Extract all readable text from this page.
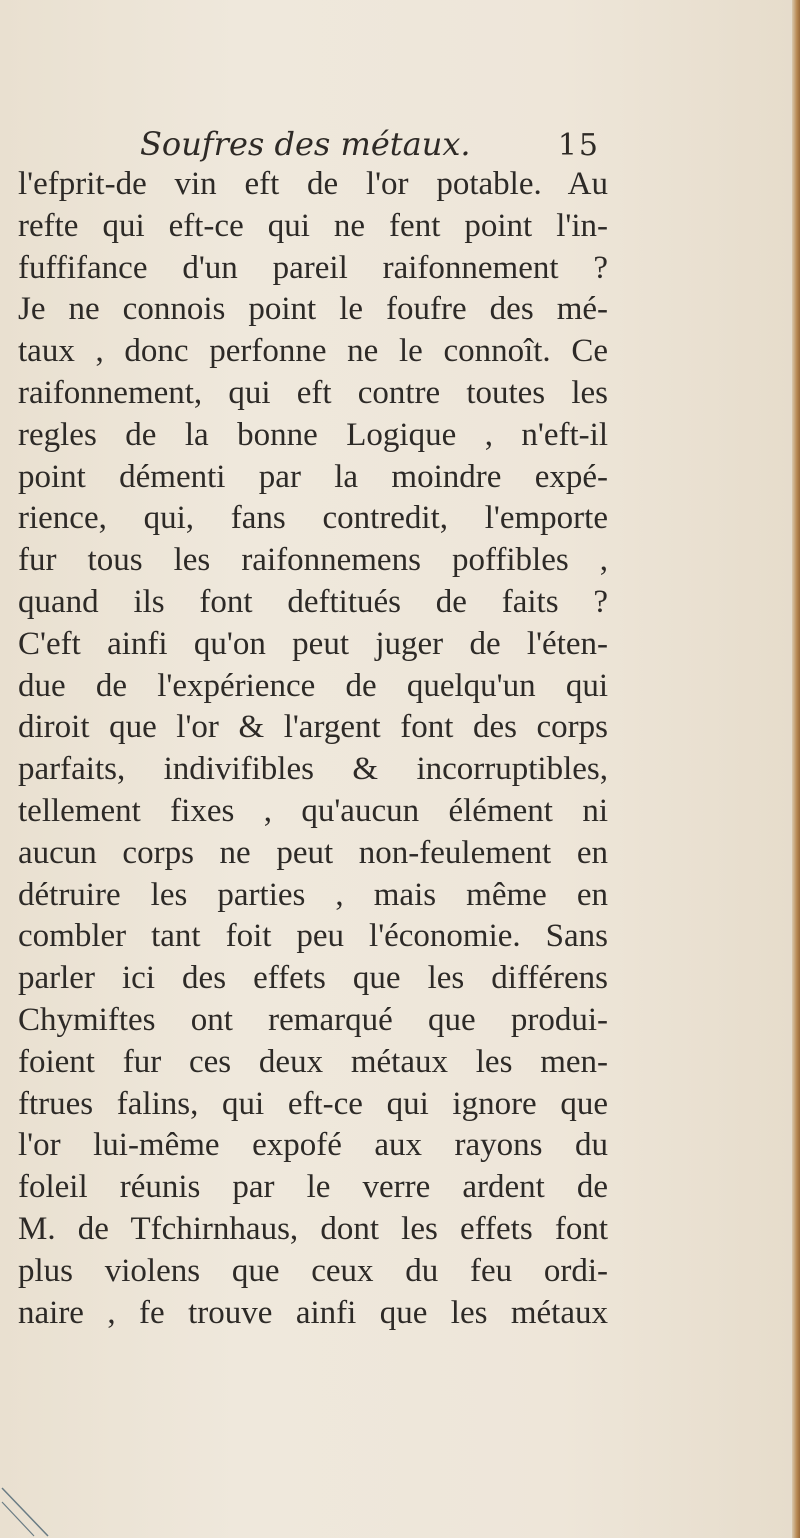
Soufres des métaux.	15
l'efprit-de vin eft de l'or potable. Au
refte qui eft-ce qui ne fent point l'in-
fuffifance d'un pareil raifonnement ?
Je ne connois point le foufre des mé-
taux , donc perfonne ne le connoît. Ce
raifonnement, qui eft contre toutes les
regles de la bonne Logique , n'eft-il
point démenti par la moindre expé-
rience, qui, fans contredit, l'emporte
fur tous les raifonnemens poffibles ,
quand ils font deftitués de faits ?
C'eft ainfi qu'on peut juger de l'éten-
due de l'expérience de quelqu'un qui
diroit que l'or & l'argent font des corps
parfaits, indivifibles & incorruptibles,
tellement fixes , qu'aucun élément ni
aucun corps ne peut non-feulement en
détruire les parties , mais même en
combler tant foit peu l'économie. Sans
parler ici des effets que les différens
Chymiftes ont remarqué que produi-
foient fur ces deux métaux les men-
ftrues falins, qui eft-ce qui ignore que
l'or lui-même expofé aux rayons du
foleil réunis par le verre ardent de
M. de Tfchirnhaus, dont les effets font
plus violens que ceux du feu ordi-
naire , fe trouve ainfi que les métaux
